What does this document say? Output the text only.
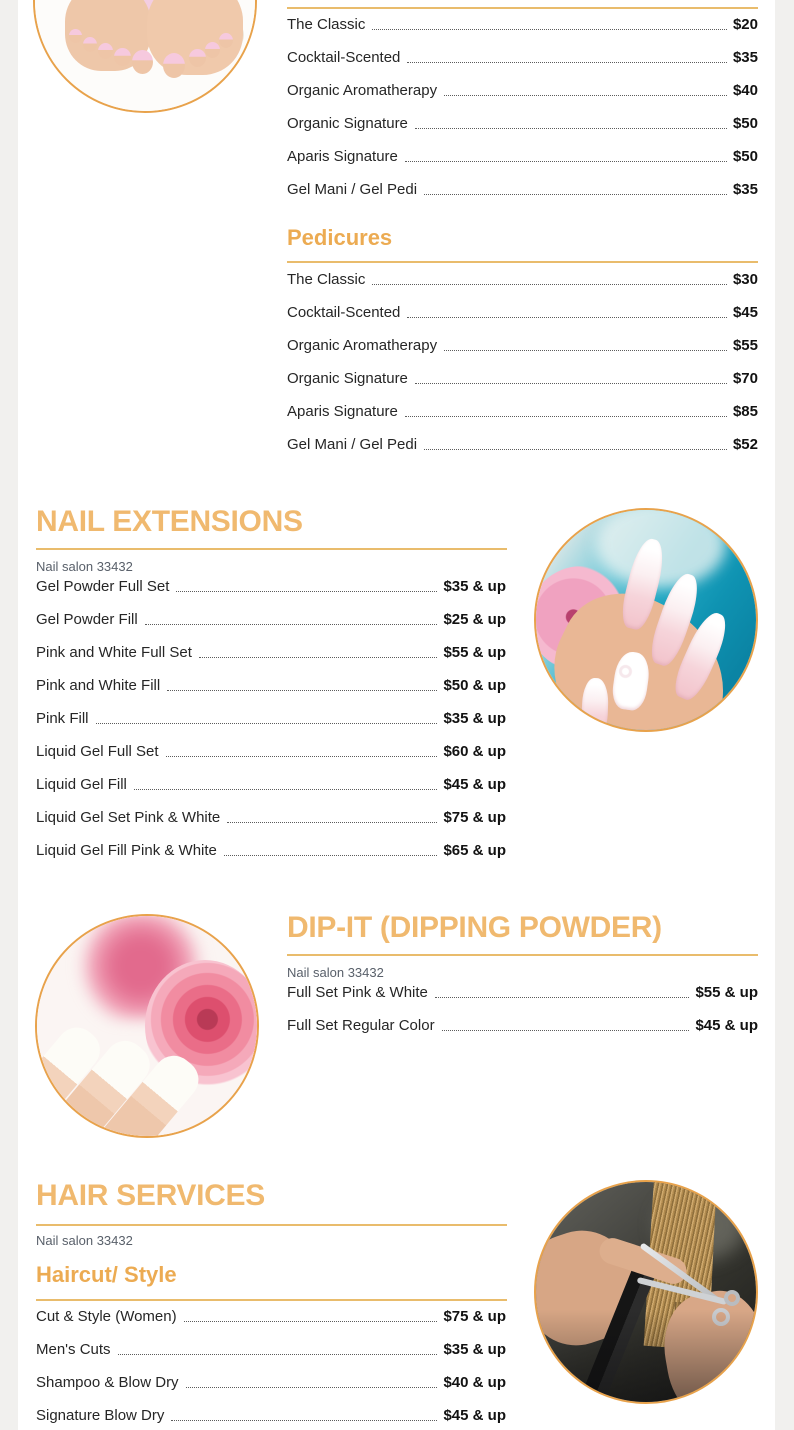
The Classic	$20
Cocktail-Scented	$35
Organic Aromatherapy	$40
Organic Signature	$50
Aparis Signature	$50
Gel Mani / Gel Pedi	$35
Pedicures
The Classic	$30
Cocktail-Scented	$45
Organic Aromatherapy	$55
Organic Signature	$70
Aparis Signature	$85
Gel Mani / Gel Pedi	$52
NAIL EXTENSIONS
Nail salon 33432
Gel Powder Full Set	$35 & up
Gel Powder Fill	$25 & up
Pink and White Full Set	$55 & up
Pink and White Fill	$50 & up
Pink Fill	$35 & up
Liquid Gel Full Set	$60 & up
Liquid Gel Fill	$45 & up
Liquid Gel Set Pink & White	$75 & up
Liquid Gel Fill Pink & White	$65 & up
DIP-IT (DIPPING POWDER)
Nail salon 33432
Full Set Pink & White	$55 & up
Full Set Regular Color	$45 & up
HAIR SERVICES
Nail salon 33432
Haircut/ Style
Cut & Style (Women)	$75 & up
Men's Cuts	$35 & up
Shampoo & Blow Dry	$40 & up
Signature Blow Dry	$45 & up
